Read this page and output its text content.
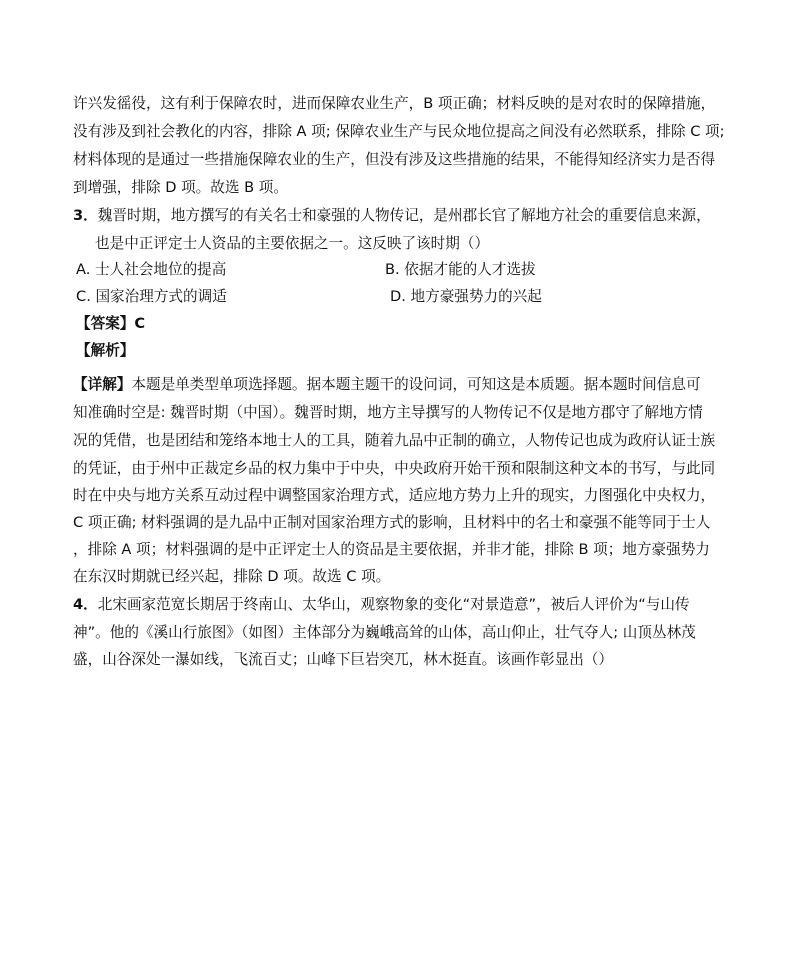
许兴发徭役，这有利于保障农时，进而保障农业生产，B 项正确；材料反映的是对农时的保障措施，
没有涉及到社会教化的内容，排除 A 项; 保障农业生产与民众地位提高之间没有必然联系，排除 C 项;
材料体现的是通过一些措施保障农业的生产，但没有涉及这些措施的结果，不能得知经济实力是否得
到增强，排除 D 项。故选 B 项。
3．魏晋时期，地方撰写的有关名士和豪强的人物传记，是州郡长官了解地方社会的重要信息来源，
也是中正评定士人资品的主要依据之一。这反映了该时期（）
A. 士人社会地位的提高	B. 依据才能的人才选拔
C. 国家治理方式的调适	D. 地方豪强势力的兴起
【答案】C
【解析】
【详解】本题是单类型单项选择题。据本题主题干的设问词，可知这是本质题。据本题时间信息可
知准确时空是: 魏晋时期（中国）。魏晋时期，地方主导撰写的人物传记不仅是地方郡守了解地方情
况的凭借，也是团结和笼络本地士人的工具，随着九品中正制的确立，人物传记也成为政府认证士族
的凭证，由于州中正裁定乡品的权力集中于中央，中央政府开始干预和限制这种文本的书写，与此同
时在中央与地方关系互动过程中调整国家治理方式，适应地方势力上升的现实，力图强化中央权力，
C 项正确; 材料强调的是九品中正制对国家治理方式的影响，且材料中的名士和豪强不能等同于士人
，排除 A 项；材料强调的是中正评定士人的资品是主要依据，并非才能，排除 B 项；地方豪强势力
在东汉时期就已经兴起，排除 D 项。故选 C 项。
4．北宋画家范宽长期居于终南山、太华山，观察物象的变化“对景造意”，被后人评价为“与山传
神”。他的《溪山行旅图》（如图）主体部分为巍峨高耸的山体，高山仰止，壮气夺人; 山顶丛林茂
盛，山谷深处一瀑如线，飞流百丈；山峰下巨岩突兀，林木挺直。该画作彰显出（）
